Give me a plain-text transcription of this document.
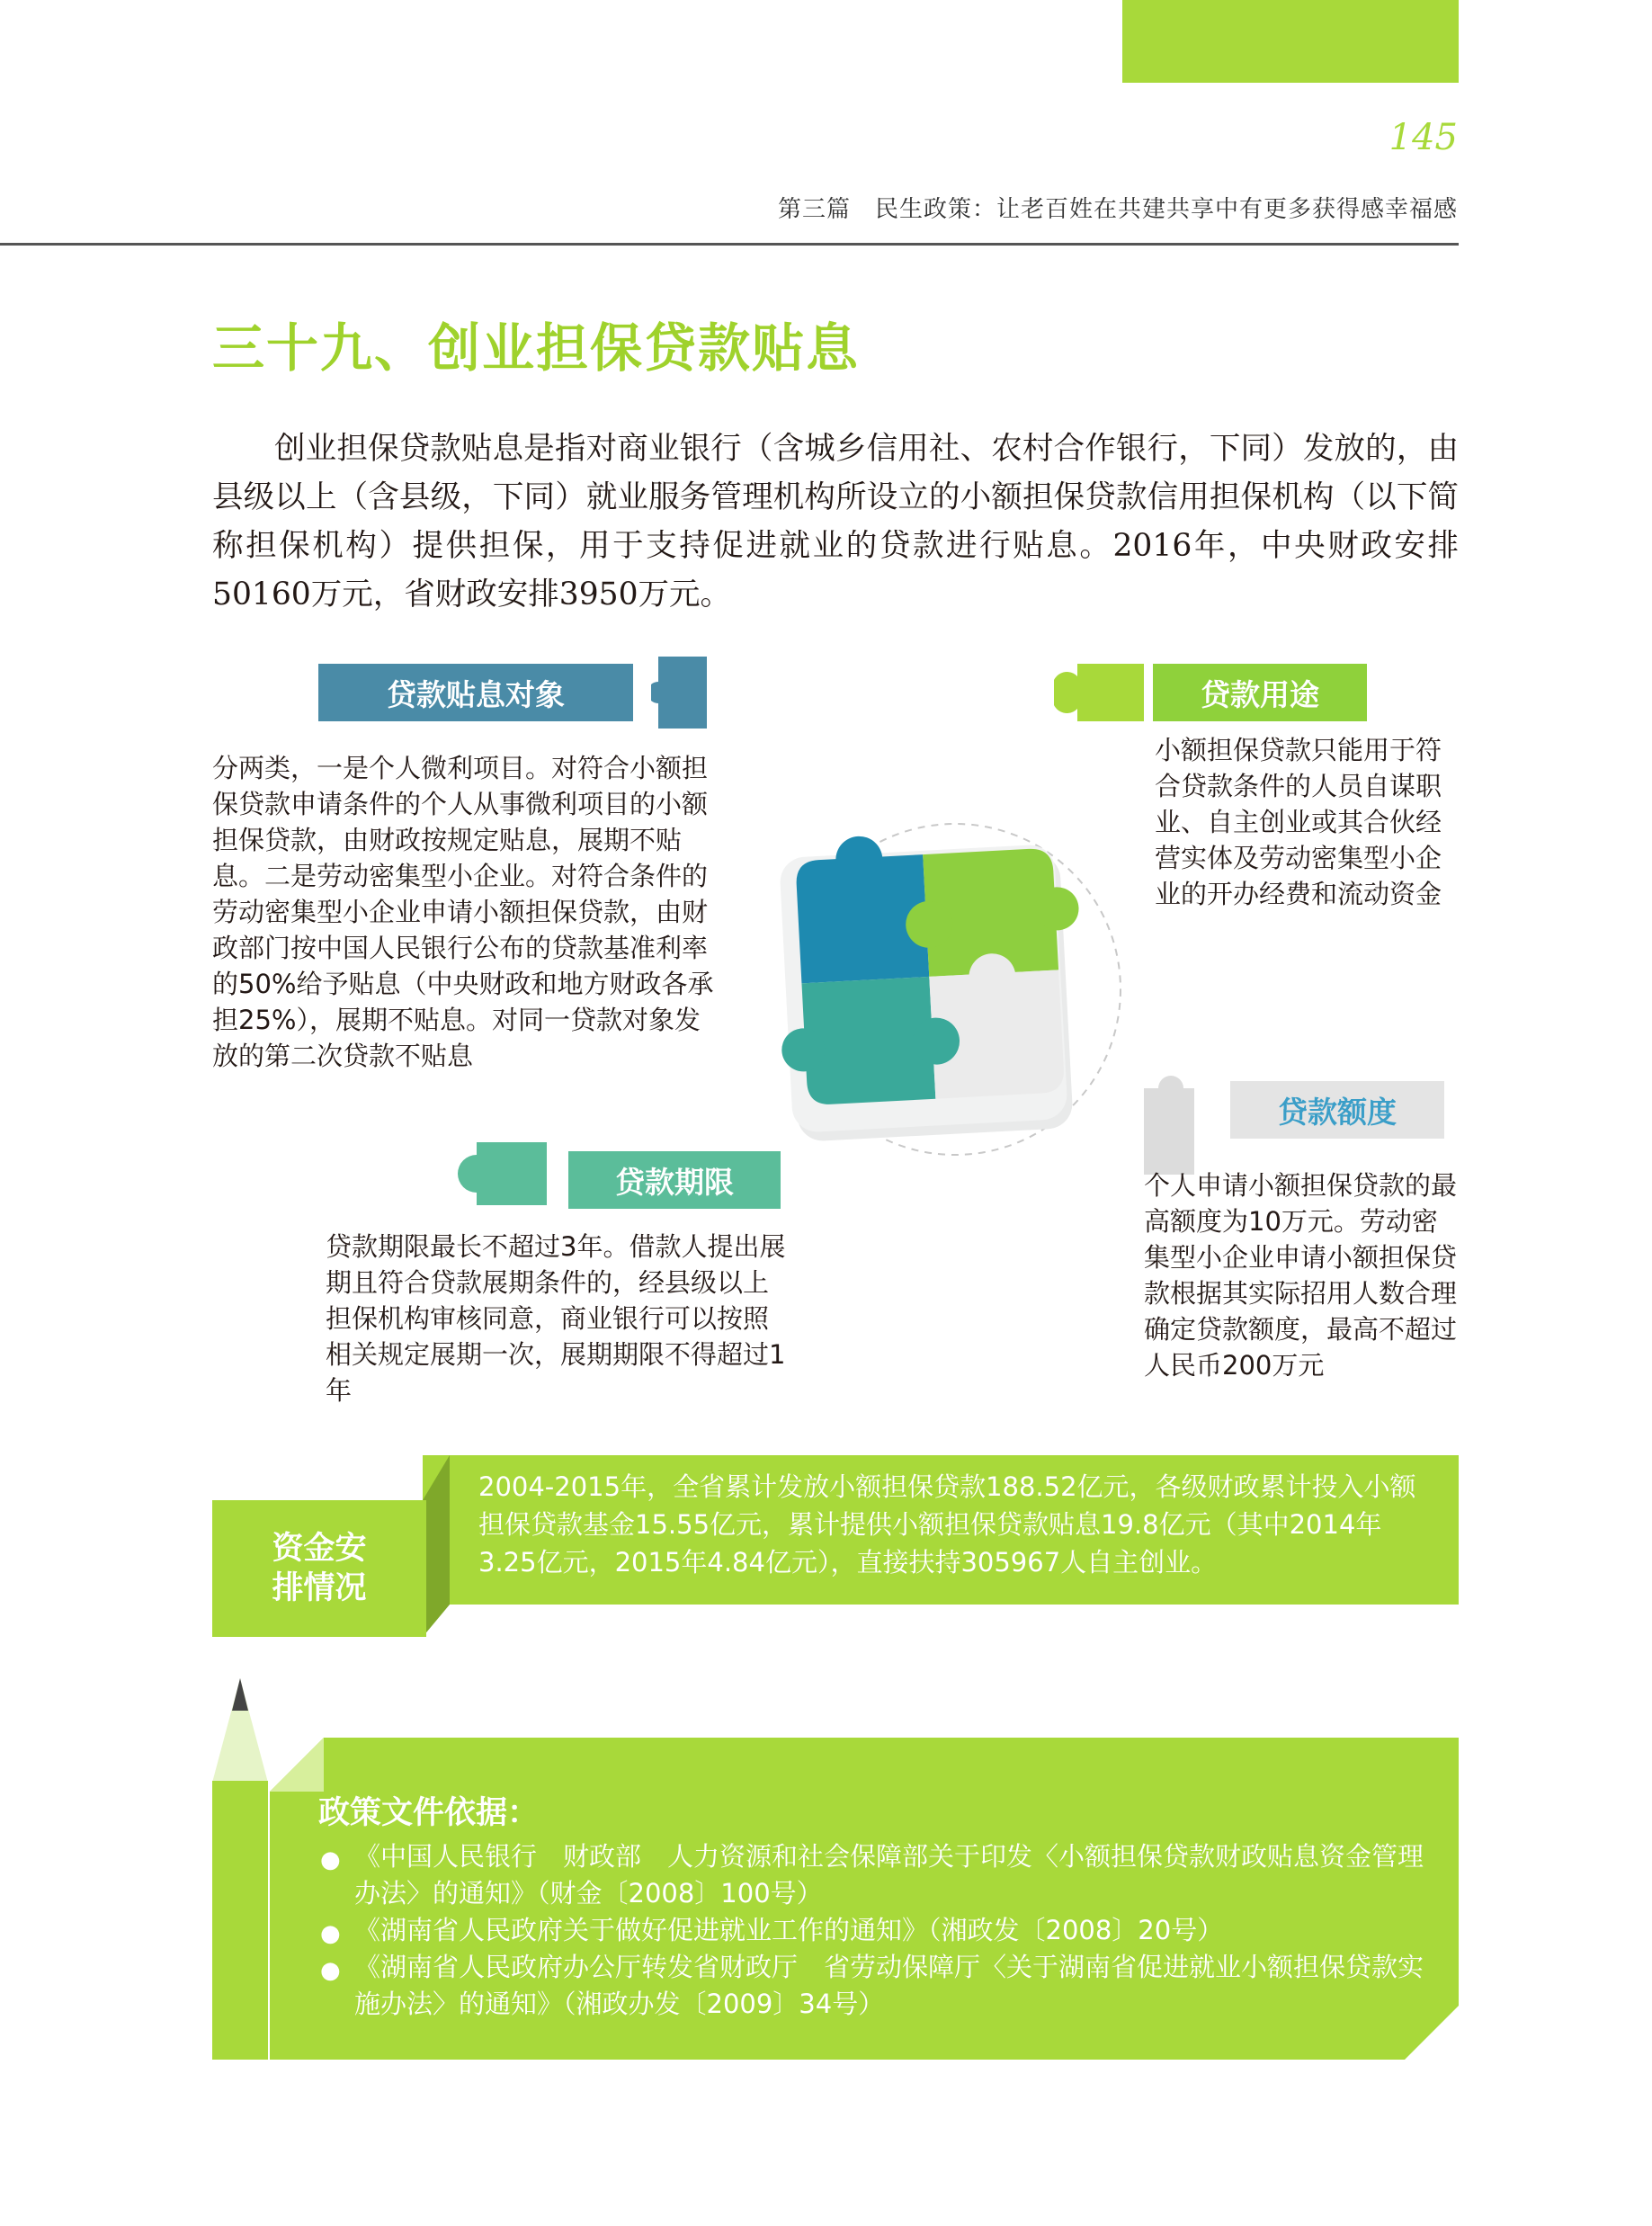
145
第三篇　民生政策：让老百姓在共建共享中有更多获得感幸福感
三十九、创业担保贷款贴息

创业担保贷款贴息是指对商业银行（含城乡信用社、农村合作银行，下同）发放的，由县级以上（含县级，下同）就业服务管理机构所设立的小额担保贷款信用担保机构（以下简称担保机构）提供担保，用于支持促进就业的贷款进行贴息。2016年，中央财政安排50160万元，省财政安排3950万元。

贷款贴息对象	贷款用途
贷款期限
贷款额度
分两类，一是个人微利项目。对符合小额担保贷款申请条件的个人从事微利项目的小额担保贷款，由财政按规定贴息，展期不贴息。二是劳动密集型小企业。对符合条件的劳动密集型小企业申请小额担保贷款，由财政部门按中国人民银行公布的贷款基准利率的50%给予贴息（中央财政和地方财政各承担25%），展期不贴息。对同一贷款对象发放的第二次贷款不贴息
小额担保贷款只能用于符合贷款条件的人员自谋职业、自主创业或其合伙经营实体及劳动密集型小企业的开办经费和流动资金
贷款期限最长不超过3年。借款人提出展期且符合贷款展期条件的，经县级以上担保机构审核同意，商业银行可以按照相关规定展期一次，展期期限不得超过1年
个人申请小额担保贷款的最高额度为10万元。劳动密集型小企业申请小额担保贷款根据其实际招用人数合理确定贷款额度，最高不超过人民币200万元
资金安排情况
2004-2015年，全省累计发放小额担保贷款188.52亿元，各级财政累计投入小额担保贷款基金15.55亿元，累计提供小额担保贷款贴息19.8亿元（其中2014年3.25亿元，2015年4.84亿元），直接扶持305967人自主创业。
政策文件依据：
● 《中国人民银行　财政部　人力资源和社会保障部关于印发〈小额担保贷款财政贴息资金管理办法〉的通知》（财金〔2008〕100号）
● 《湖南省人民政府关于做好促进就业工作的通知》（湘政发〔2008〕20号）
● 《湖南省人民政府办公厅转发省财政厅　省劳动保障厅〈关于湖南省促进就业小额担保贷款实施办法〉的通知》（湘政办发〔2009〕34号）
